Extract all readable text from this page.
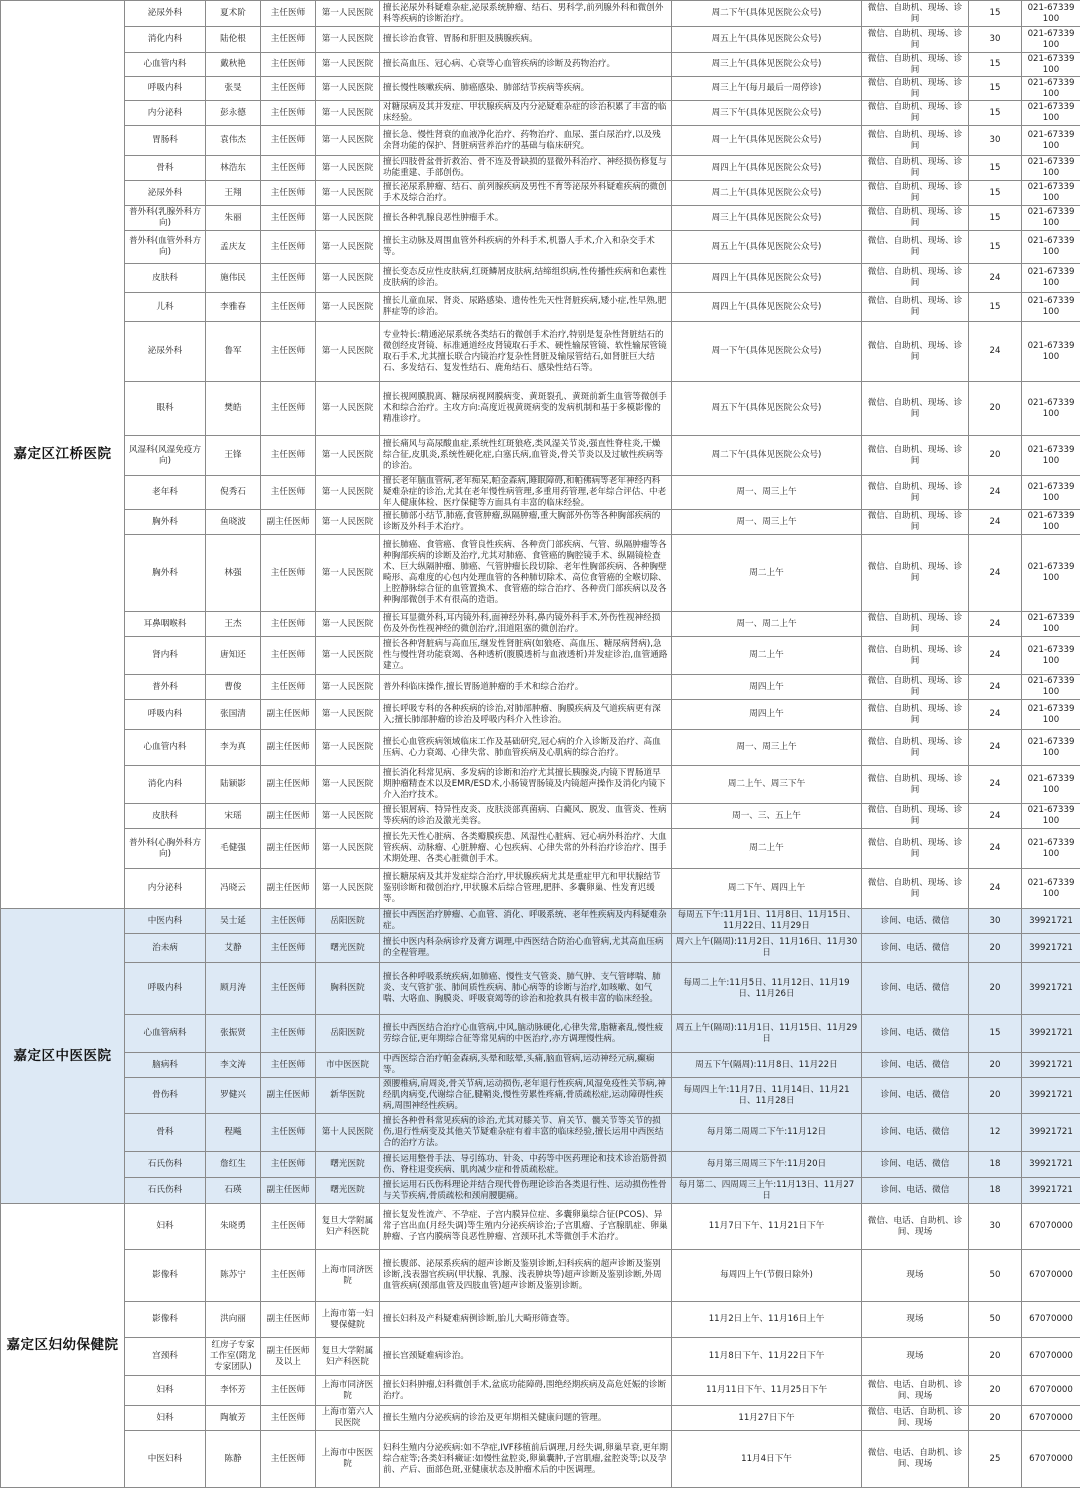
嘉定区江桥医院	泌尿外科	夏术阶	主任医师	第一人民医院	擅长泌尿外科疑难杂症,泌尿系统肿瘤、结石、男科学,前列腺外科和微创外科等疾病的诊断治疗。	周二下午(具体见医院公众号)	微信、自助机、现场、诊间	15	021-67339100

	消化内科	陆伦根	主任医师	第一人民医院	擅长诊治食管、胃肠和肝胆及胰腺疾病。	周五上午(具体见医院公众号)	微信、自助机、现场、诊间	30	021-67339100

	心血管内科	戴秋艳	主任医师	第一人民医院	擅长高血压、冠心病、心衰等心血管疾病的诊断及药物治疗。	周三上午(具体见医院公众号)	微信、自助机、现场、诊间	15	021-67339100

	呼吸内科	张旻	主任医师	第一人民医院	擅长慢性咳嗽疾病、肺癌感染、肺部结节疾病等疾病。	周三上午(每月最后一周停诊)	微信、自助机、现场、诊间	15	021-67339100

	内分泌科	彭永德	主任医师	第一人民医院	对糖尿病及其并发症、甲状腺疾病及内分泌疑难杂症的诊治积累了丰富的临床经验。	周三下午(具体见医院公众号)	微信、自助机、现场、诊间	15	021-67339100

	胃肠科	袁伟杰	主任医师	第一人民医院	擅长急、慢性肾衰的血液净化治疗、药物治疗、血尿、蛋白尿治疗,以及残余肾功能的保护、肾脏病营养治疗的基础与临床研究。	周一上午(具体见医院公众号)	微信、自助机、现场、诊间	30	021-67339100

	骨科	林浩东	主任医师	第一人民医院	擅长四肢骨盆骨折救治、骨不连及骨缺损的显微外科治疗、神经损伤修复与功能重建、手部创伤。	周四上午(具体见医院公众号)	微信、自助机、现场、诊间	15	021-67339100

	泌尿外科	王翔	主任医师	第一人民医院	擅长泌尿系肿瘤、结石、前列腺疾病及男性不育等泌尿外科疑难疾病的微创手术及综合治疗。	周二上午(具体见医院公众号)	微信、自助机、现场、诊间	15	021-67339100

	普外科(乳腺外科方向)	朱丽	主任医师	第一人民医院	擅长各种乳腺良恶性肿瘤手术。	周三上午(具体见医院公众号)	微信、自助机、现场、诊间	15	021-67339100

	普外科(血管外科方向)	孟庆友	主任医师	第一人民医院	擅长主动脉及周围血管外科疾病的外科手术,机器人手术,介入和杂交手术等。	周五上午(具体见医院公众号)	微信、自助机、现场、诊间	15	021-67339100

	皮肤科	施伟民	主任医师	第一人民医院	擅长变态反应性皮肤病,红斑鳞屑皮肤病,结缔组织病,性传播性疾病和色素性皮肤病的诊治。	周四上午(具体见医院公众号)	微信、自助机、现场、诊间	24	021-67339100

	儿科	李雅春	主任医师	第一人民医院	擅长儿童血尿、肾炎、尿路感染、遗传性先天性肾脏疾病,矮小症,性早熟,肥胖症等的诊治。	周四上午(具体见医院公众号)	微信、自助机、现场、诊间	15	021-67339100

	泌尿外科	鲁军	主任医师	第一人民医院	专业特长:精通泌尿系统各类结石的微创手术治疗,特别是复杂性肾脏结石的微创经皮肾镜、标准通道经皮肾镜取石手术、硬性输尿管镜、软性输尿管镜取石手术,尤其擅长联合内镜治疗复杂性肾脏及输尿管结石,如肾脏巨大结石、多发结石、复发性结石、鹿角结石、感染性结石等。	周一下午(具体见医院公众号)	微信、自助机、现场、诊间	24	021-67339100

	眼科	樊皓	主任医师	第一人民医院	擅长视网膜脱离、糖尿病视网膜病变、黄斑裂孔、黄斑前新生血管等微创手术和综合治疗。主攻方向:高度近视黄斑病变的发病机制和基于多模影像的精准诊疗。	周五下午(具体见医院公众号)	微信、自助机、现场、诊间	20	021-67339100

	风湿科(风湿免疫方向)	王锋	主任医师	第一人民医院	擅长痛风与高尿酸血症,系统性红斑狼疮,类风湿关节炎,强直性脊柱炎,干燥综合征,皮肌炎,系统性硬化症,白塞氏病,血管炎,骨关节炎以及过敏性疾病等的诊治。	周二下午(具体见医院公众号)	微信、自助机、现场、诊间	20	021-67339100

	老年科	倪秀石	主任医师	第一人民医院	擅长老年脑血管病,老年痴呆,帕金森病,睡眠障碍,和帕佛病等老年神经内科疑难杂症的诊治,尤其在老年慢性病管理,多重用药管理,老年综合评估、中老年人健康体检、医疗保健等方面具有丰富的临床经验。	周一、周三上午	微信、自助机、现场、诊间	24	021-67339100

	胸外科	鱼晓波	副主任医师	第一人民医院	擅长肺部小结节,肺癌,食管肿瘤,纵隔肿瘤,重大胸部外伤等各种胸部疾病的诊断及外科手术治疗。	周一、周三上午	微信、自助机、现场、诊间	24	021-67339100

	胸外科	林强	主任医师	第一人民医院	擅长肺癌、食管癌、食管良性疾病、各种贲门部疾病、气管、纵隔肿瘤等各种胸部疾病的诊断及治疗,尤其对肺癌、食管癌的胸腔镜手术、纵隔镜检查术、巨大纵隔肿瘤、肺癌、气管肿瘤长段切除、老年性胸部疾病、各种胸壁畸形、高难度的心包内处理血管的各种肺切除术、高位食管癌的全喉切除、上腔静脉综合征的血管置换术、食管癌的综合治疗、各种贲门部疾病以及各种胸部微创手术有很高的造诣。	周二上午	微信、自助机、现场、诊间	24	021-67339100

	耳鼻咽喉科	王杰	主任医师	第一人民医院	擅长耳显微外科,耳内镜外科,面神经外科,鼻内镜外科手术,外伤性视神经损伤及外伤性视神经的微创治疗,泪道阻塞的微创治疗。	周一、周二上午	微信、自助机、现场、诊间	24	021-67339100

	肾内科	唐知还	主任医师	第一人民医院	擅长各种肾脏病与高血压,继发性肾脏病(如狼疮、高血压、糖尿病肾病),急性与慢性肾功能衰竭、各种透析(腹膜透析与血液透析)并发症诊治,血管通路建立。	周二上午	微信、自助机、现场、诊间	24	021-67339100

	普外科	曹俊	主任医师	第一人民医院	普外科临床操作,擅长胃肠道肿瘤的手术和综合治疗。	周四上午	微信、自助机、现场、诊间	24	021-67339100

	呼吸内科	张国清	副主任医师	第一人民医院	擅长呼吸专科的各种疾病的诊治,对肺部肿瘤、胸膜疾病及气道疾病更有深入;擅长肺部肿瘤的诊治及呼吸内科介入性诊治。	周四上午	微信、自助机、现场、诊间	24	021-67339100

	心血管内科	李为真	副主任医师	第一人民医院	擅长心血管疾病领域临床工作及基础研究,冠心病的介入诊断及治疗、高血压病、心力衰竭、心律失常、肺血管疾病及心肌病的综合治疗。	周一、周三上午	微信、自助机、现场、诊间	24	021-67339100

	消化内科	陆颖影	副主任医师	第一人民医院	擅长消化科常见病、多发病的诊断和治疗尤其擅长胰腺炎,内镜下胃肠道早期肿瘤精查术以及EMR/ESD术,小肠镜胃肠镜及内镜超声操作及消化内镜下介入治疗技术。	周二上午、周三下午	微信、自助机、现场、诊间	24	021-67339100

	皮肤科	宋瑶	副主任医师	第一人民医院	擅长银屑病、特异性皮炎、皮肤淡部真菌病、白癜风、脱发、血管炎、性病等疾病的诊治及激光美容。	周一、三、五上午	微信、自助机、现场、诊间	24	021-67339100

	普外科(心胸外科方向)	毛健强	副主任医师	第一人民医院	擅长先天性心脏病、各类瓣膜疾患、风湿性心脏病、冠心病外科治疗、大血管疾病、动脉瘤、心脏肿瘤、心包疾病、心律失常的外科治疗诊治疗、围手术期处理、各类心脏微创手术。	周二上午	微信、自助机、现场、诊间	24	021-67339100

	内分泌科	冯晓云	副主任医师	第一人民医院	擅长糖尿病及其并发症综合治疗,甲状腺疾病尤其是重症甲亢和甲状腺结节鉴别诊断和微创治疗,甲状腺术后综合管理,肥胖、多囊卵巢、性发育迟缓等。	周二下午、周四上午	微信、自助机、现场、诊间	24	021-67339100

嘉定区中医医院	中医内科	吴士延	主任医师	岳阳医院	擅长中西医治疗肿瘤、心血管、消化、呼吸系统、老年性疾病及内科疑难杂症。	每周五下午:11月1日、11月8日、11月15日、11月22日、11月29日	诊间、电话、微信	30	39921721

	治未病	艾静	主任医师	曙光医院	擅长中医内科杂病诊疗及膏方调理,中西医结合防治心血管病,尤其高血压病的全程管理。	周六上午(隔周):11月2日、11月16日、11月30日	诊间、电话、微信	20	39921721

	呼吸内科	顾月涛	主任医师	胸科医院	擅长各种呼吸系统疾病,如肺癌、慢性支气管炎、肺气肿、支气管哮喘、肺炎、支气管扩张、肺间质性疾病、肺心病等的诊断与治疗,如咳嗽、如气喘、大咯血、胸膜炎、呼吸衰竭等的诊治和抢救具有极丰富的临床经验。	每周二上午:11月5日、11月12日、11月19日、11月26日	诊间、电话、微信	20	39921721

	心血管病科	张振贤	主任医师	岳阳医院	擅长中西医结合治疗心血管病,中风,脑动脉硬化,心律失常,脂糖紊乱,慢性疲劳综合征,更年期综合征等常见病的中医治疗,亦方调理慢性病。	周五上午(隔周):11月1日、11月15日、11月29日	诊间、电话、微信	15	39921721

	脑病科	李文涛	主任医师	市中医医院	中西医综合治疗帕金森病,头晕和眩晕,头痛,脑血管病,运动神经元病,癫痫等。	周五下午(隔周):11月8日、11月22日	诊间、电话、微信	20	39921721

	骨伤科	罗健兴	副主任医师	新华医院	颈腰椎病,肩周炎,骨关节病,运动损伤,老年退行性疾病,风湿免疫性关节病,神经肌肉病变,代谢综合征,腱鞘炎,慢性劳累性疼痛,骨质疏松症,运动障碍性疾病,周围神经性疾病。	每周四上午:11月7日、11月14日、11月21日、11月28日	诊间、电话、微信	20	39921721

	骨科	程飚	主任医师	第十人民医院	擅长各种骨科常见疾病的诊治,尤其对膝关节、肩关节、髋关节等关节的损伤,退行性病变及其他关节疑难杂症有着丰富的临床经验,擅长运用中西医结合的治疗方法。	每月第二周周二下午:11月12日	诊间、电话、微信	12	39921721

	石氏伤科	詹红生	主任医师	曙光医院	擅长运用整骨手法、导引练功、针灸、中药等中医药理论和技术诊治筋骨损伤、脊柱退变疾病、肌肉减少症和骨质疏松症。	每月第三周周三下午:11月20日	诊间、电话、微信	18	39921721

	石氏伤科	石瑛	副主任医师	曙光医院	擅长运用石氏伤科理论并结合现代骨伤理论诊治各类退行性、运动损伤性骨与关节疾病,骨质疏松和颈肩腰腿痛。	每月第二、四周周三上午:11月13日、11月27日	诊间、电话、微信	18	39921721

嘉定区妇幼保健院	妇科	朱晓勇	主任医师	复旦大学附属妇产科医院	擅长复发性流产、不孕症、子宫内膜异位症、多囊卵巢综合征(PCOS)、异常子宫出血(月经失调)等生殖内分泌疾病诊治;子宫肌瘤、子宫腺肌症、卵巢肿瘤、子宫内膜病等良恶性肿瘤、宫颈环扎术等微创手术治疗。	11月7日下午、11月21日下午	微信、电话、自助机、诊间、现场	30	67070000

	影像科	陈苏宁	主任医师	上海市同济医院	擅长腹部、泌尿系疾病的超声诊断及鉴别诊断,妇科疾病的超声诊断及鉴别诊断,浅表器官疾病(甲状腺、乳腺、浅表肿块等)超声诊断及鉴别诊断,外周血管疾病(颈部血管及四肢血管)超声诊断及鉴别诊断。	每周四上午(节假日除外)	现场	50	67070000

	影像科	洪向丽	副主任医师	上海市第一妇婴保健院	擅长妇科及产科疑难病例诊断,胎儿大畸形筛查等。	11月2日上午、11月16日上午	现场	50	67070000

	宫颈科	红房子专家工作室(隋龙专家团队)	副主任医师及以上	复旦大学附属妇产科医院	擅长宫颈疑难病诊治。	11月8日下午、11月22日下午	现场	20	67070000

	妇科	李怀芳	主任医师	上海市同济医院	擅长妇科肿瘤,妇科微创手术,盆底功能障碍,围绝经期疾病及高危妊娠的诊断治疗。	11月11日下午、11月25日下午	微信、电话、自助机、诊间、现场	20	67070000

	妇科	陶敏芳	主任医师	上海市第六人民医院	擅长生殖内分泌疾病的诊治及更年期相关健康问题的管理。	11月27日下午	微信、电话、自助机、诊间、现场	20	67070000

	中医妇科	陈静	主任医师	上海市中医医院	妇科生殖内分泌疾病:如不孕症,IVF移植前后调理,月经失调,卵巢早衰,更年期综合症等;各类妇科癥证:如慢性盆腔炎,卵巢囊肿,子宫肌瘤,盆腔炎等;以及孕前、产后、面部色斑,亚健康状态及肿瘤术后的中医调理。	11月4日下午	微信、电话、自助机、诊间、现场	25	67070000
